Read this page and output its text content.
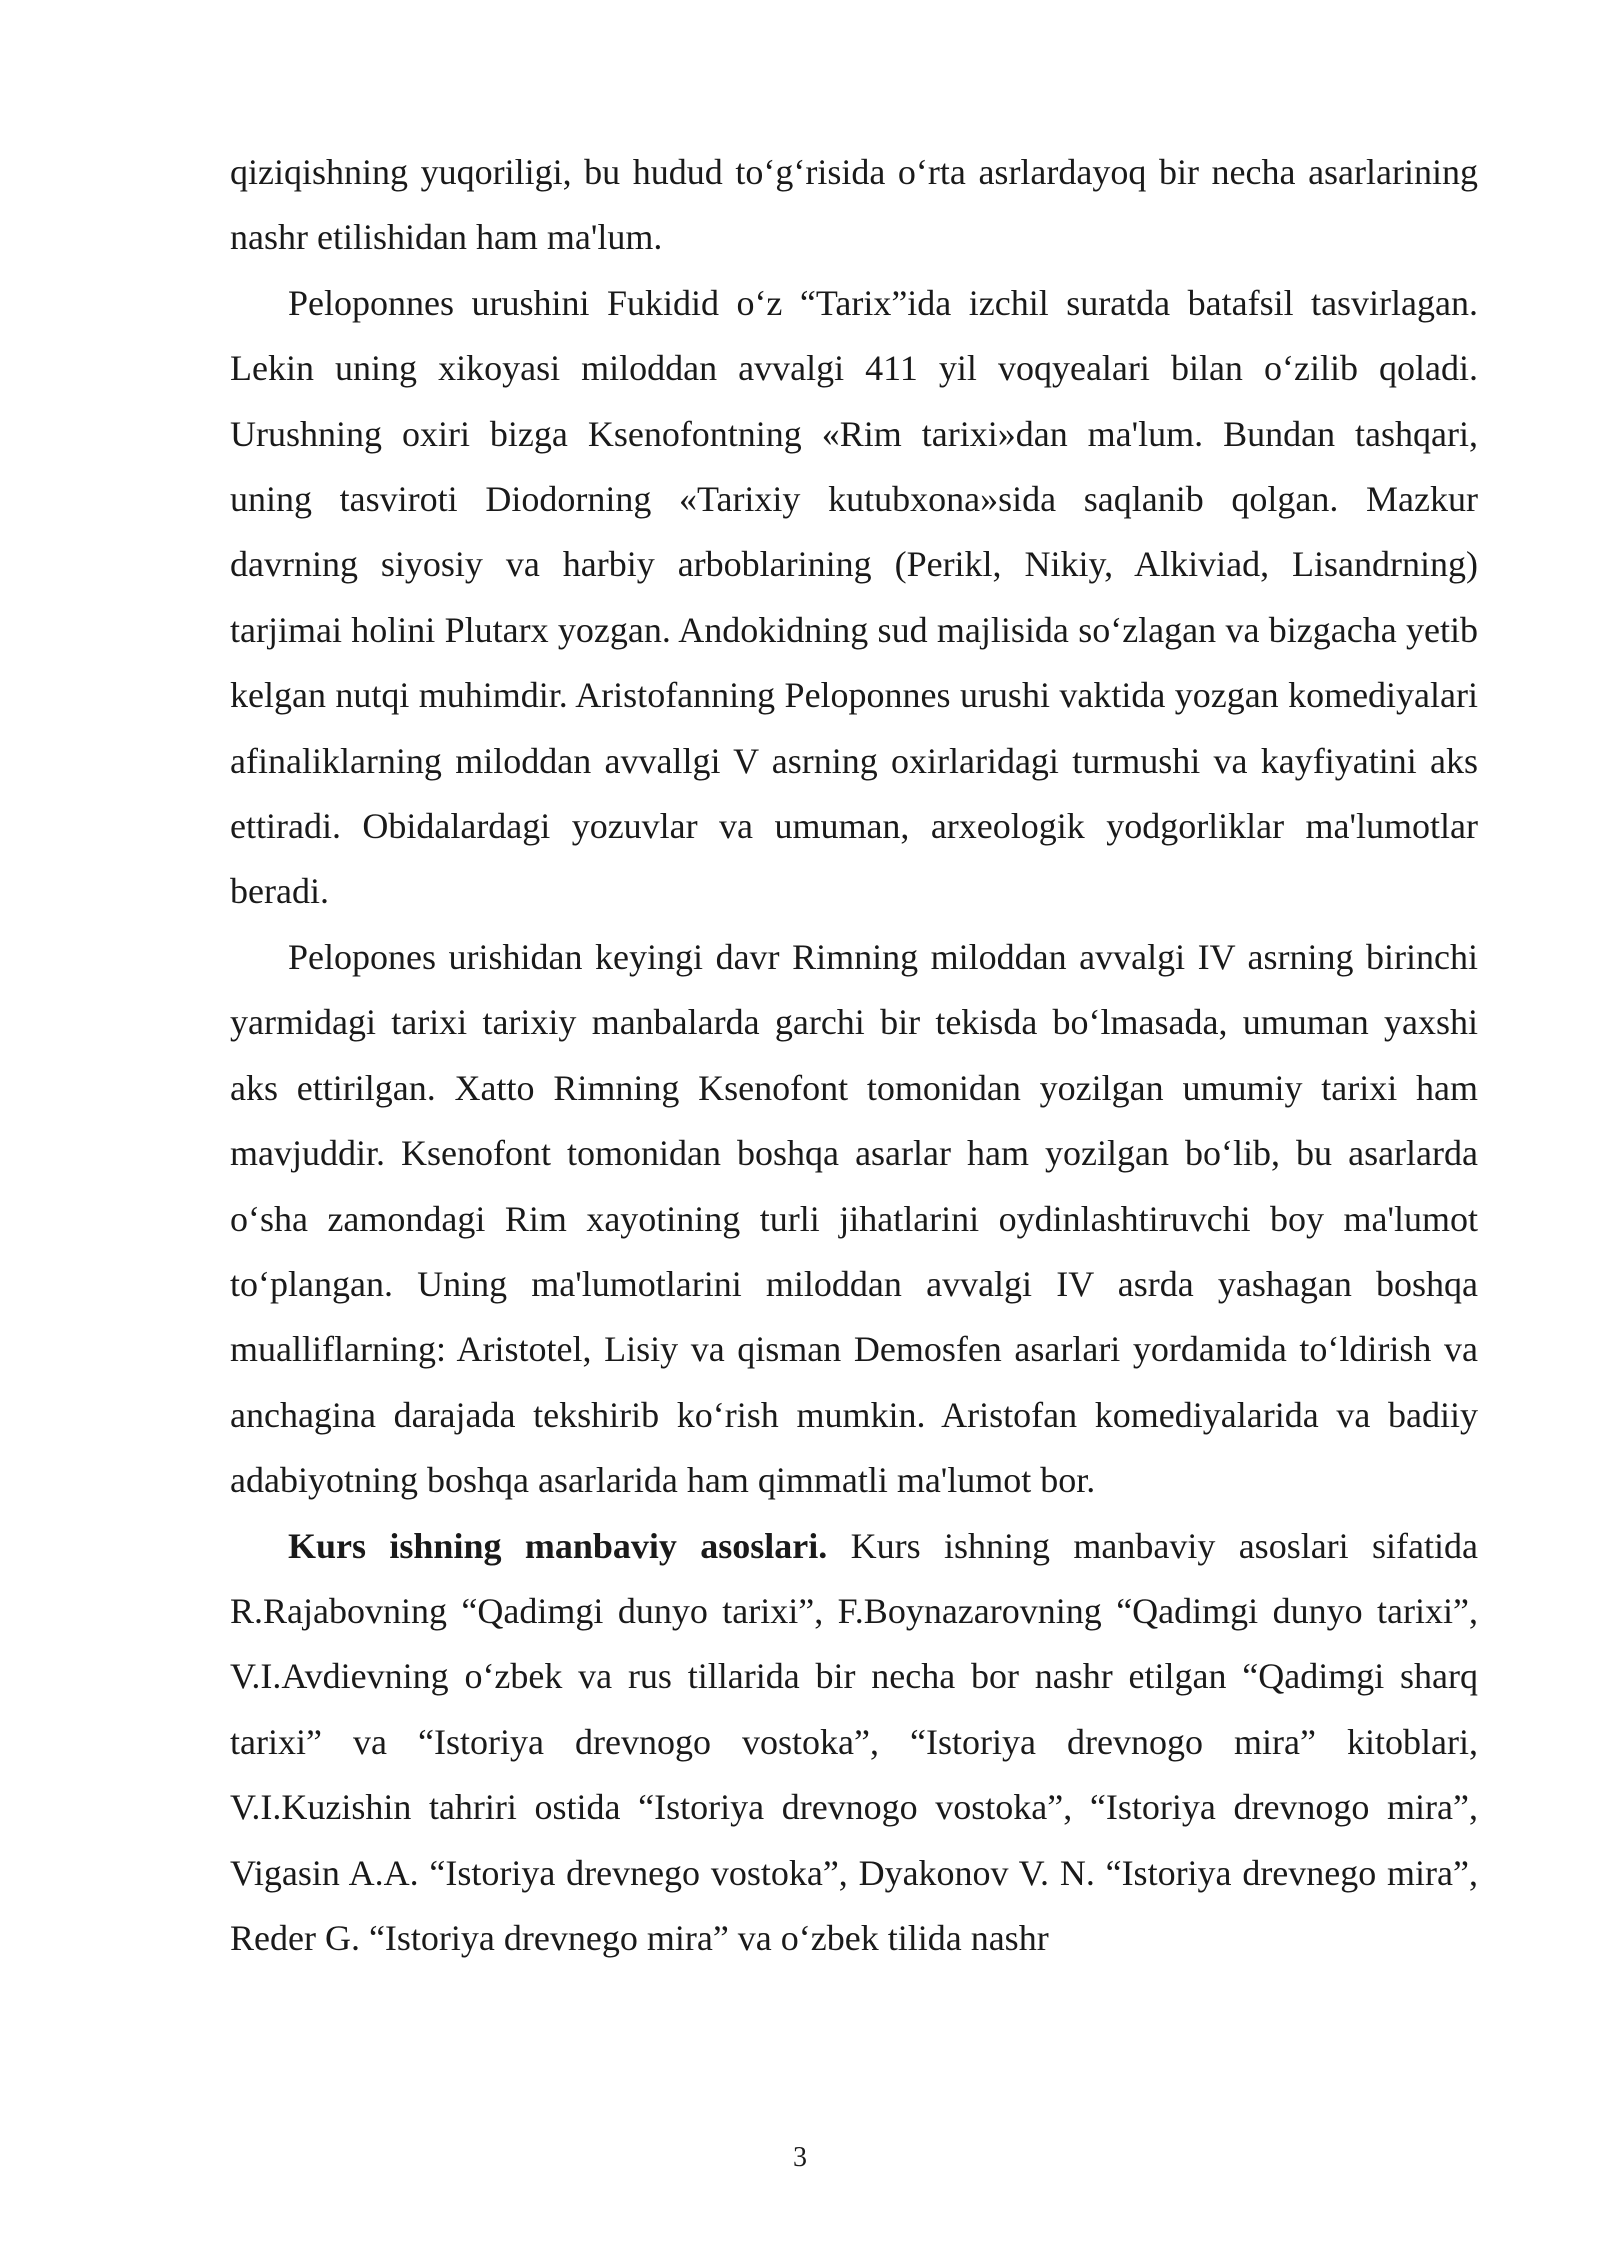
qiziqishning yuqoriligi, bu hudud to‘g‘risida o‘rta asrlardayoq bir necha asarlarining nashr etilishidan ham ma'lum.

Peloponnes urushini Fukidid o‘z “Tarix”ida izchil suratda batafsil tasvirlagan. Lekin uning xikoyasi miloddan avvalgi 411 yil voqyealari bilan o‘zilib qoladi. Urushning oxiri bizga Ksenofontning «Rim tarixi»dan ma'lum. Bundan tashqari, uning tasviroti Diodorning «Tarixiy kutubxona»sida saqlanib qolgan. Mazkur davrning siyosiy va harbiy arboblarining (Perikl, Nikiy, Alkiviad, Lisandrning) tarjimai holini Plutarx yozgan. Andokidning sud majlisida so‘zlagan va bizgacha yetib kelgan nutqi muhimdir. Aristofanning Peloponnes urushi vaktida yozgan komediyalari afinaliklarning miloddan avvallgi V asrning oxirlaridagi turmushi va kayfiyatini aks ettiradi. Obidalardagi yozuvlar va umuman, arxeologik yodgorliklar ma'lumotlar beradi.

Pelopones urishidan keyingi davr Rimning miloddan avvalgi IV asrning birinchi yarmidagi tarixi tarixiy manbalarda garchi bir tekisda bo‘lmasada, umuman yaxshi aks ettirilgan. Xatto Rimning Ksenofont tomonidan yozilgan umumiy tarixi ham mavjuddir. Ksenofont tomonidan boshqa asarlar ham yozilgan bo‘lib, bu asarlarda o‘sha zamondagi Rim xayotining turli jihatlarini oydinlashtiruvchi boy ma'lumot to‘plangan. Uning ma'lumotlarini miloddan avvalgi IV asrda yashagan boshqa mualliflarning: Aristotel, Lisiy va qisman Demosfen asarlari yordamida to‘ldirish va anchagina darajada tekshirib ko‘rish mumkin. Aristofan komediyalarida va badiiy adabiyotning boshqa asarlarida ham qimmatli ma'lumot bor.

Kurs ishning manbaviy asoslari. Kurs ishning manbaviy asoslari sifatida R.Rajabovning “Qadimgi dunyo tarixi”, F.Boynazarovning “Qadimgi dunyo tarixi”, V.I.Avdievning o‘zbek va rus tillarida bir necha bor nashr etilgan “Qadimgi sharq tarixi” va “Istoriya drevnogo vostoka”, “Istoriya drevnogo mira” kitoblari, V.I.Kuzishin tahriri ostida “Istoriya drevnogo vostoka”, “Istoriya drevnogo mira”, Vigasin A.A. “Istoriya drevnego vostoka”, Dyakonov V. N. “Istoriya drevnego mira”, Reder G. “Istoriya drevnego mira” va o‘zbek tilida nashr

3
